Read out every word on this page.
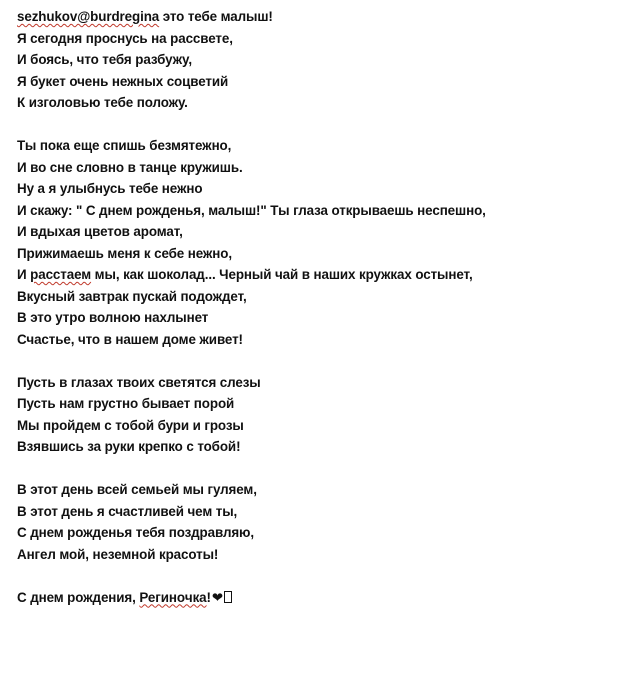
sezhukov@burdregina это тебе малыш!
Я сегодня проснусь на рассвете,
И боясь, что тебя разбужу,
Я букет очень нежных соцветий
К изголовью тебе положу.
Ты пока еще спишь безмятежно,
И во сне словно в танце кружишь.
Ну а я улыбнусь тебе нежно
И скажу: " С днем рожденья, малыш!" Ты глаза открываешь неспешно,
И вдыхая цветов аромат,
Прижимаешь меня к себе нежно,
И расстаем мы, как шоколад... Черный чай в наших кружках остынет,
Вкусный завтрак пускай подождет,
В это утро волною нахлынет
Счастье, что в нашем доме живет!
Пусть в глазах твоих светятся слезы
Пусть нам грустно бывает порой
Мы пройдем с тобой бури и грозы
Взявшись за руки крепко с тобой!
В этот день всей семьей мы гуляем,
В этот день я счастливей чем ты,
С днем рожденья тебя поздравляю,
Ангел мой, неземной красоты!
С днем рождения, Регинoчка!❤
